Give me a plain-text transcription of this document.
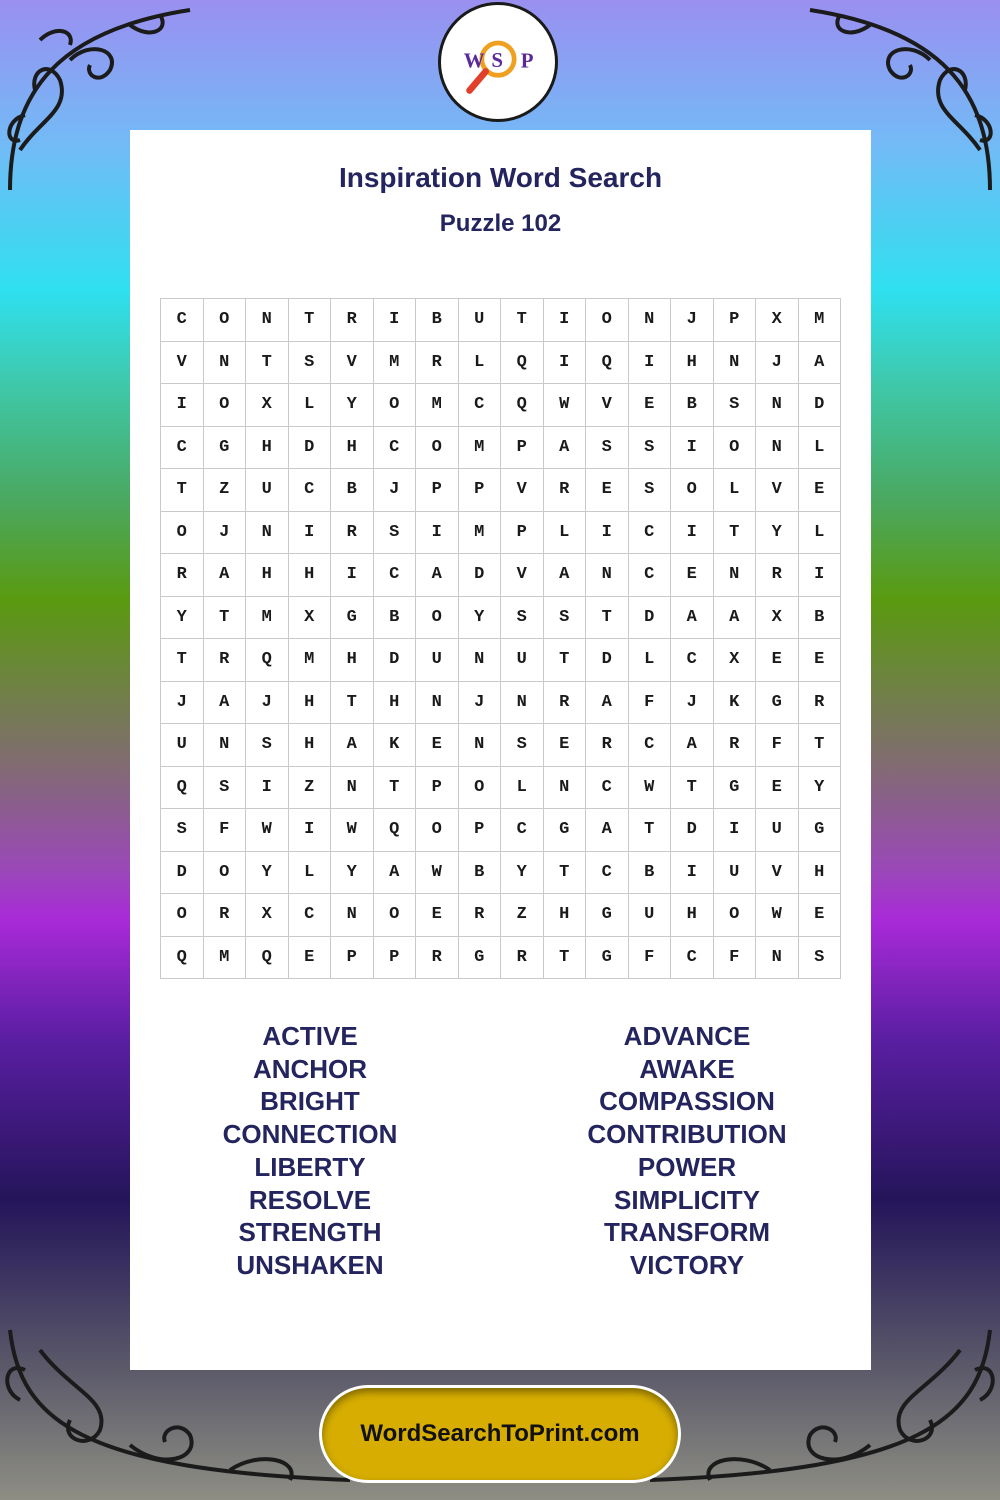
Inspiration Word Search
Puzzle 102
C	O	N	T	R	I	B	U	T	I	O	N	J	P	X	M
V	N	T	S	V	M	R	L	Q	I	Q	I	H	N	J	A
I	O	X	L	Y	O	M	C	Q	W	V	E	B	S	N	D
C	G	H	D	H	C	O	M	P	A	S	S	I	O	N	L
T	Z	U	C	B	J	P	P	V	R	E	S	O	L	V	E
O	J	N	I	R	S	I	M	P	L	I	C	I	T	Y	L
R	A	H	H	I	C	A	D	V	A	N	C	E	N	R	I
Y	T	M	X	G	B	O	Y	S	S	T	D	A	A	X	B
T	R	Q	M	H	D	U	N	U	T	D	L	C	X	E	E
J	A	J	H	T	H	N	J	N	R	A	F	J	K	G	R
U	N	S	H	A	K	E	N	S	E	R	C	A	R	F	T
Q	S	I	Z	N	T	P	O	L	N	C	W	T	G	E	Y
S	F	W	I	W	Q	O	P	C	G	A	T	D	I	U	G
D	O	Y	L	Y	A	W	B	Y	T	C	B	I	U	V	H
O	R	X	C	N	O	E	R	Z	H	G	U	H	O	W	E
Q	M	Q	E	P	P	R	G	R	T	G	F	C	F	N	S
ACTIVE
ANCHOR
BRIGHT
CONNECTION
LIBERTY
RESOLVE
STRENGTH
UNSHAKEN
ADVANCE
AWAKE
COMPASSION
CONTRIBUTION
POWER
SIMPLICITY
TRANSFORM
VICTORY
W S P
WordSearchToPrint.com
